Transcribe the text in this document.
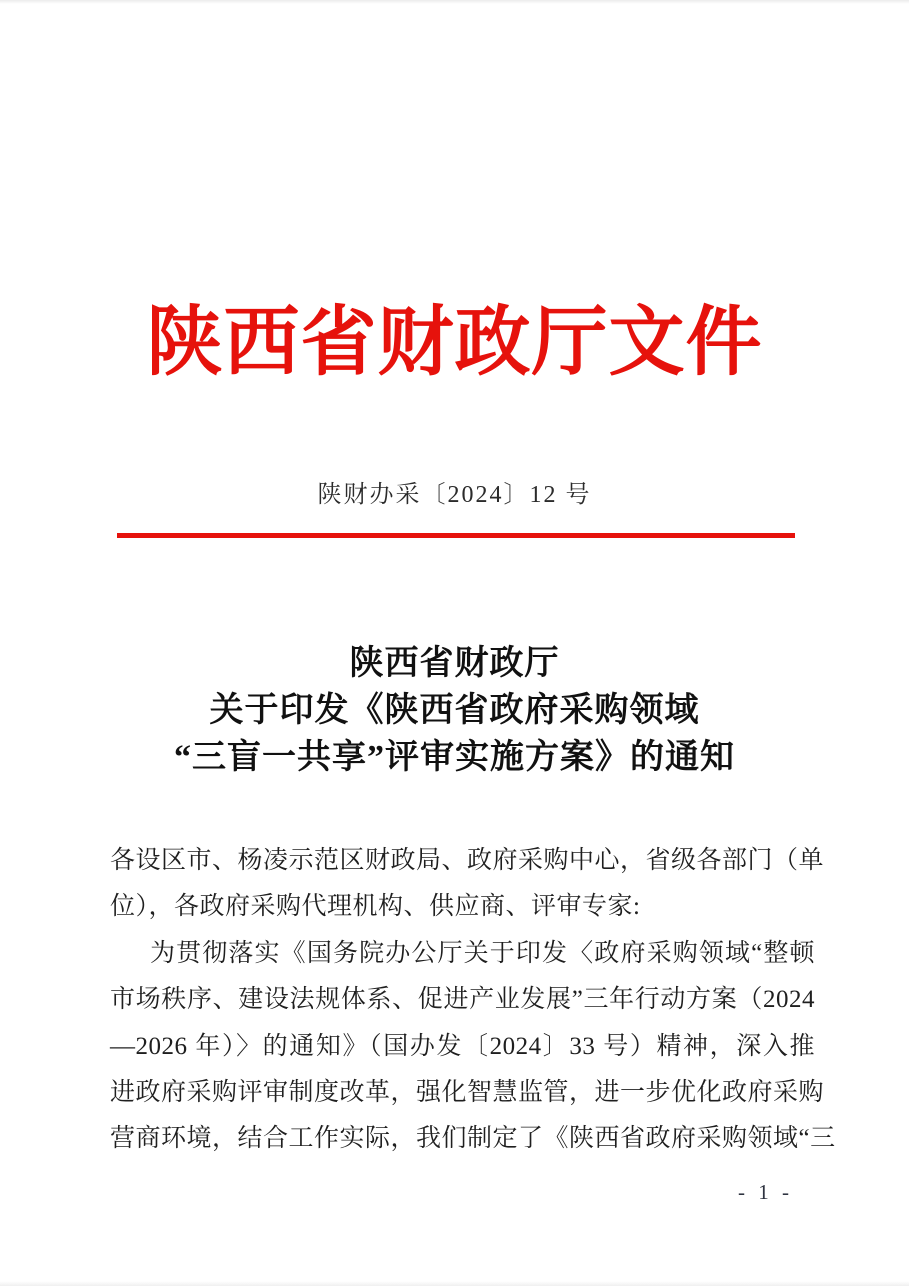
陕西省财政厅文件
陕财办采〔2024〕12 号
陕西省财政厅
关于印发《陕西省政府采购领域
“三盲一共享”评审实施方案》的通知
各设区市、杨凌示范区财政局、政府采购中心，省级各部门（单
位），各政府采购代理机构、供应商、评审专家:
为贯彻落实《国务院办公厅关于印发〈政府采购领域“整顿
市场秩序、建设法规体系、促进产业发展”三年行动方案（2024
—2026 年）〉的通知》（国办发〔2024〕33 号）精神，深入推
进政府采购评审制度改革，强化智慧监管，进一步优化政府采购
营商环境，结合工作实际，我们制定了《陕西省政府采购领域“三
- 1 -
